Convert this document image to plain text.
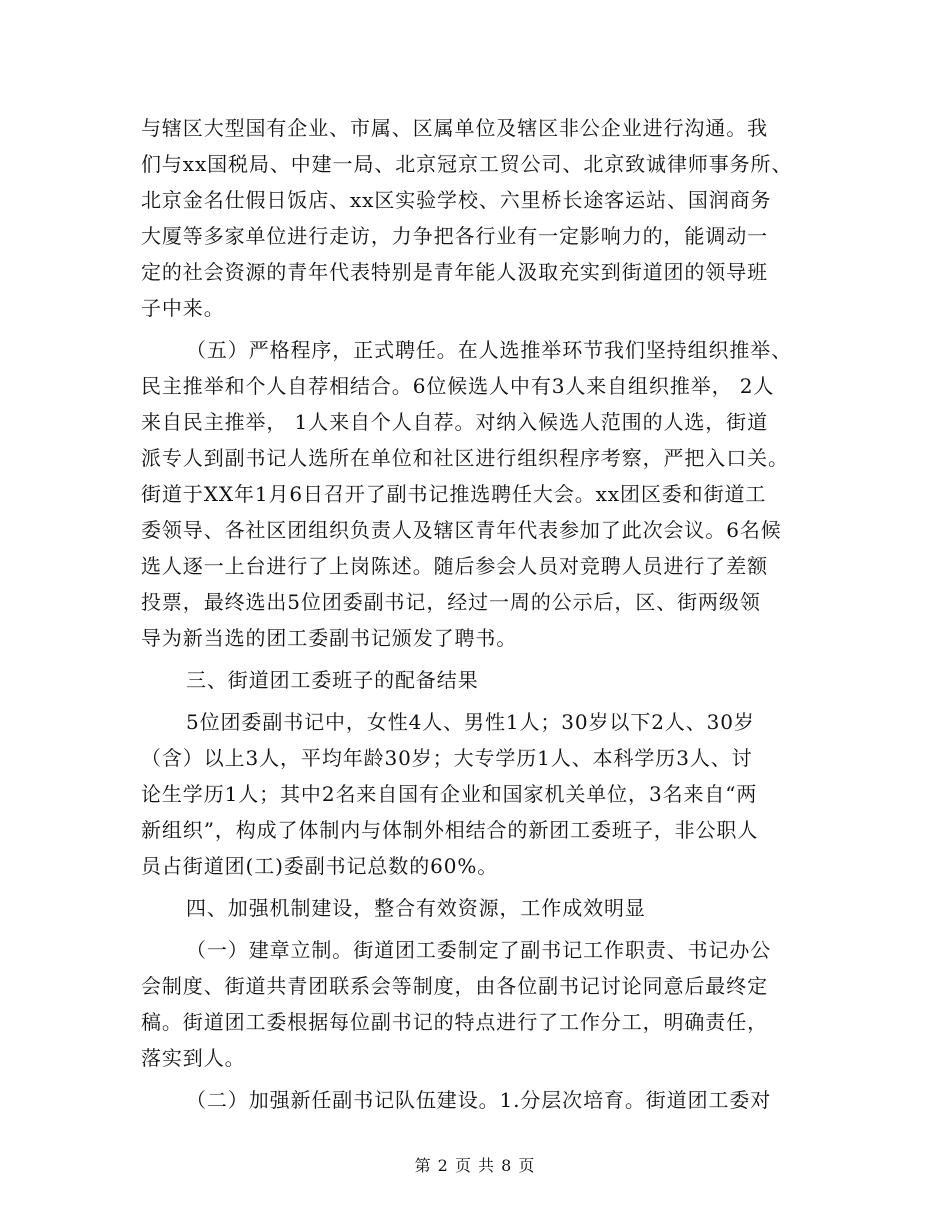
与辖区大型国有企业、市属、区属单位及辖区非公企业进行沟通。我
们与xx国税局、中建一局、北京冠京工贸公司、北京致诚律师事务所、
北京金名仕假日饭店、xx区实验学校、六里桥长途客运站、国润商务
大厦等多家单位进行走访，力争把各行业有一定影响力的，能调动一
定的社会资源的青年代表特别是青年能人汲取充实到街道团的领导班
子中来。
（五）严格程序，正式聘任。在人选推举环节我们坚持组织推举、
民主推举和个人自荐相结合。6位候选人中有3人来自组织推举， 2人
来自民主推举， 1人来自个人自荐。对纳入候选人范围的人选，街道
派专人到副书记人选所在单位和社区进行组织程序考察，严把入口关。
街道于XX年1月6日召开了副书记推选聘任大会。xx团区委和街道工
委领导、各社区团组织负责人及辖区青年代表参加了此次会议。6名候
选人逐一上台进行了上岗陈述。随后参会人员对竞聘人员进行了差额
投票，最终选出5位团委副书记，经过一周的公示后，区、街两级领
导为新当选的团工委副书记颁发了聘书。
三、街道团工委班子的配备结果
5位团委副书记中，女性4人、男性1人；30岁以下2人、30岁
（含）以上3人，平均年龄30岁；大专学历1人、本科学历3人、讨
论生学历1人；其中2名来自国有企业和国家机关单位，3名来自“两
新组织”，构成了体制内与体制外相结合的新团工委班子，非公职人
员占街道团(工)委副书记总数的60%。
四、加强机制建设，整合有效资源，工作成效明显
（一）建章立制。街道团工委制定了副书记工作职责、书记办公
会制度、街道共青团联系会等制度，由各位副书记讨论同意后最终定
稿。街道团工委根据每位副书记的特点进行了工作分工，明确责任，
落实到人。
（二）加强新任副书记队伍建设。1.分层次培育。街道团工委对
第 2 页 共 8 页
